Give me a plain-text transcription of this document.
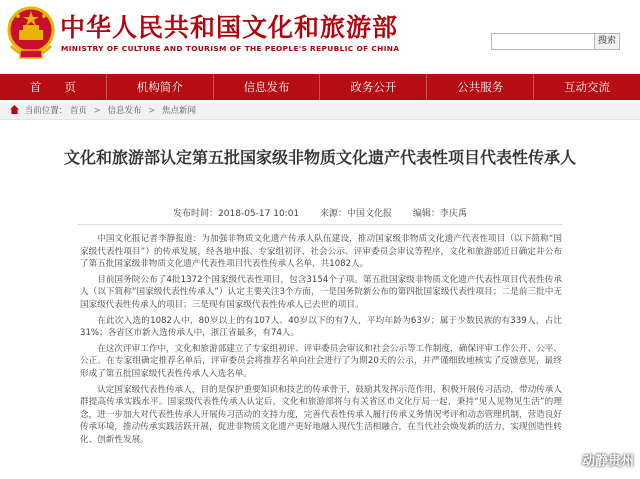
中华人民共和国文化和旅游部
MINISTRY OF CULTURE AND TOURISM OF THE PEOPLE'S REPUBLIC OF CHINA
搜索
首　　页	机构简介	信息发布	政务公开	公共服务	互动交流
当前位置： 首页 > 信息发布 > 焦点新闻
文化和旅游部认定第五批国家级非物质文化遗产代表性项目代表性传承人
发布时间：2018-05-17 10:01 来源：中国文化报 编辑：李庆禹

中国文化报记者李静报道：为加强非物质文化遗产传承人队伍建设，推动国家级非物质文化遗产代表性项目（以下简称“国家级代表性项目”）的传承发展，经各地申报、专家组初评、社会公示、评审委员会审议等程序，文化和旅游部近日确定并公布了第五批国家级非物质文化遗产代表性项目代表性传承人名单，共1082人。

目前国务院公布了4批1372个国家级代表性项目，包含3154个子项。第五批国家级非物质文化遗产代表性项目代表性传承人（以下简称“国家级代表性传承人”）认定主要关注3个方面，一是国务院新公布的第四批国家级代表性项目；二是前三批中无国家级代表性传承人的项目；三是现有国家级代表性传承人已去世的项目。

在此次入选的1082人中，80岁以上的有107人、40岁以下的有7人，平均年龄为63岁；属于少数民族的有339人，占比31%；各省区市新入选传承人中，浙江省最多，有74人。

在这次评审工作中，文化和旅游部建立了专家组初评、评审委员会审议和社会公示等工作制度，确保评审工作公开、公平、公正。在专家组确定推荐名单后，评审委员会将推荐名单向社会进行了为期20天的公示，并严谨细致地核实了反馈意见，最终形成了第五批国家级代表性传承人入选名单。

认定国家级代表性传承人，目的是保护重要知识和技艺的传承骨干，鼓励其发挥示范作用，积极开展传习活动，带动传承人群提高传承实践水平。国家级代表性传承人认定后，文化和旅游部将与有关省区市文化厅局一起，秉持“见人见物见生活”的理念，进一步加大对代表性传承人开展传习活动的支持力度，完善代表性传承人履行传承义务情况考评和动态管理机制，营造良好传承环境，推动传承实践活跃开展，促进非物质文化遗产更好地融入现代生活相融合，在当代社会焕发新的活力，实现创造性转化、创新性发展。

动静贵州
